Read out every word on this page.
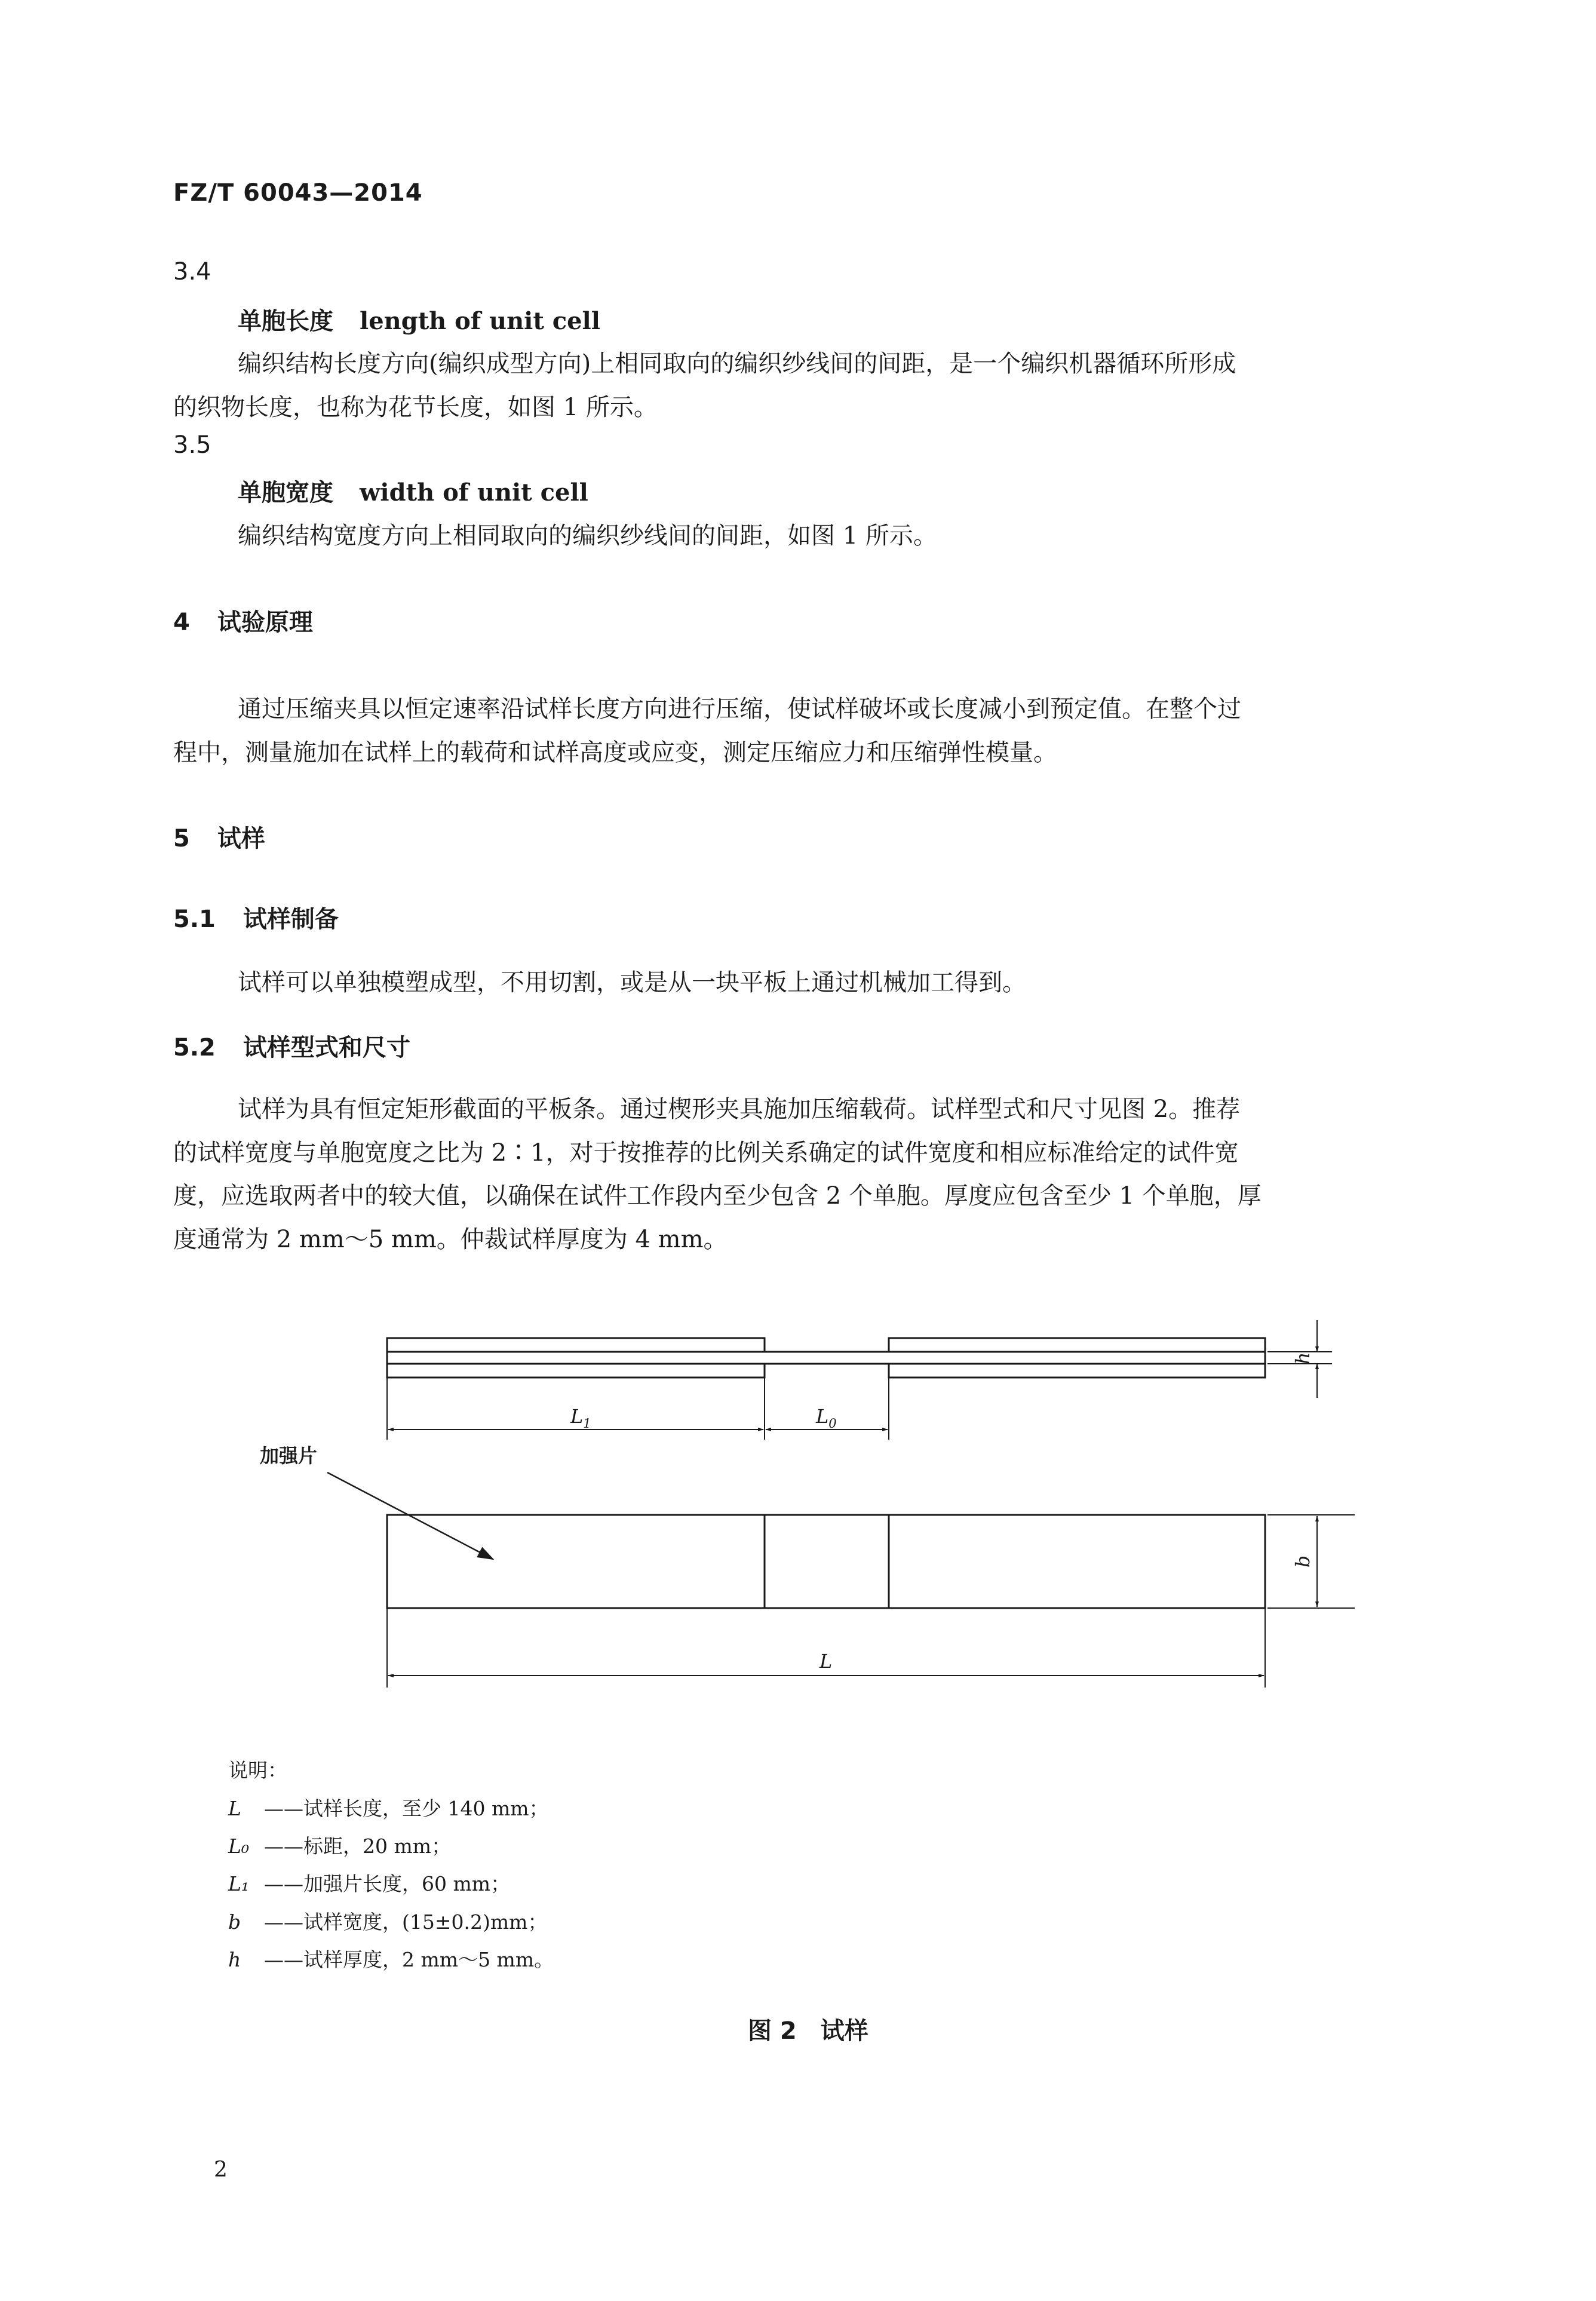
FZ/T 60043—2014
3.4
单胞长度 length of unit cell
编织结构长度方向(编织成型方向)上相同取向的编织纱线间的间距，是一个编织机器循环所形成
的织物长度，也称为花节长度，如图 1 所示。
3.5
单胞宽度 width of unit cell
编织结构宽度方向上相同取向的编织纱线间的间距，如图 1 所示。
4 试验原理
通过压缩夹具以恒定速率沿试样长度方向进行压缩，使试样破坏或长度减小到预定值。在整个过
程中，测量施加在试样上的载荷和试样高度或应变，测定压缩应力和压缩弹性模量。
5 试样
5.1 试样制备
试样可以单独模塑成型，不用切割，或是从一块平板上通过机械加工得到。
5.2 试样型式和尺寸
试样为具有恒定矩形截面的平板条。通过楔形夹具施加压缩载荷。试样型式和尺寸见图 2。推荐
的试样宽度与单胞宽度之比为 2∶1，对于按推荐的比例关系确定的试件宽度和相应标准给定的试件宽
度，应选取两者中的较大值，以确保在试件工作段内至少包含 2 个单胞。厚度应包含至少 1 个单胞，厚
度通常为 2 mm～5 mm。仲裁试样厚度为 4 mm。
$L_1$	$L_0$
L
h
b
加强片
说明：
L ——试样长度，至少 140 mm；
L₀ ——标距，20 mm；
L₁ ——加强片长度，60 mm；
b ——试样宽度，(15±0.2)mm；
h ——试样厚度，2 mm～5 mm。
图 2 试样
2
